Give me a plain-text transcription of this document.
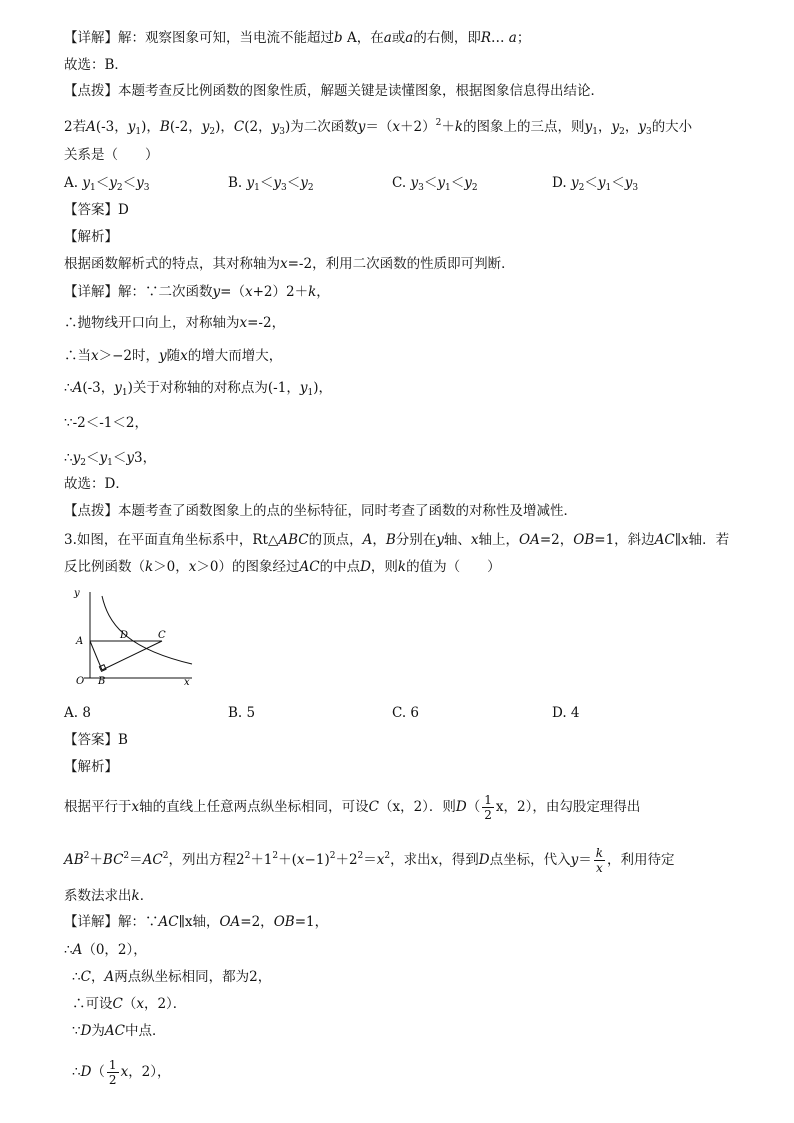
【详解】解：观察图象可知，当电流不能超过b A，在a或a的右侧，即R… a；
故选：B．
【点拨】本题考查反比例函数的图象性质，解题关键是读懂图象，根据图象信息得出结论．
2若A(-3，$y_1$)，B(-2，$y_2$)，C(2，$y_3$)为二次函数$y=(x+2)^2+k$的图象上的三点，则$y_1$，$y_2$，$y_3$的大小
关系是（　　）
A. $y_1<y_2<y_3$	B. $y_1<y_3<y_2$	C. $y_3<y_1<y_2$	D. $y_2<y_1<y_3$
【答案】D
【解析】
根据函数解析式的特点，其对称轴为x=-2，利用二次函数的性质即可判断．
【详解】解：∵二次函数y=（x+2）2＋k，
∴抛物线开口向上，对称轴为x=-2，
∴当x＞−2时，y随x的增大而增大，
∴A(-3，$y_1$)关于对称轴的对称点为(-1，$y_1$)，
∵-2＜-1＜2，
$\therefore y_2<y_1<y3$，
故选：D．
【点拨】本题考查了函数图象上的点的坐标特征，同时考查了函数的对称性及增减性．
3.如图，在平面直角坐标系中，Rt△ABC的顶点，A，B分别在y轴、x轴上，OA=2，OB=1，斜边AC∥x轴．若
反比例函数（k＞0，x＞0）的图象经过AC的中点D，则k的值为（　　）
y
x
A
D	C
O B
A. 8	B. 5	C. 6	D. 4
【答案】B
【解析】
根据平行于x轴的直线上任意两点纵坐标相同，可设C（x，2）．则$D( \frac{1}{2}$ x，2），由勾股定理得出
$AB^2+BC^2=AC^2$，列出方程$2^2+1^2+(x-1)^2+2^2=x^2$，求出x，得到D点坐标，代入$y= \frac{k}{x}$ ，利用待定
系数法求出k．
【详解】解：∵AC∥x轴，OA=2，OB=1，
∴A（0，2），
∴C，A两点纵坐标相同，都为2，
∴可设C（x，2）．
∵D为AC中点．
∴D（ $\frac{1}{2}$ x，2），
